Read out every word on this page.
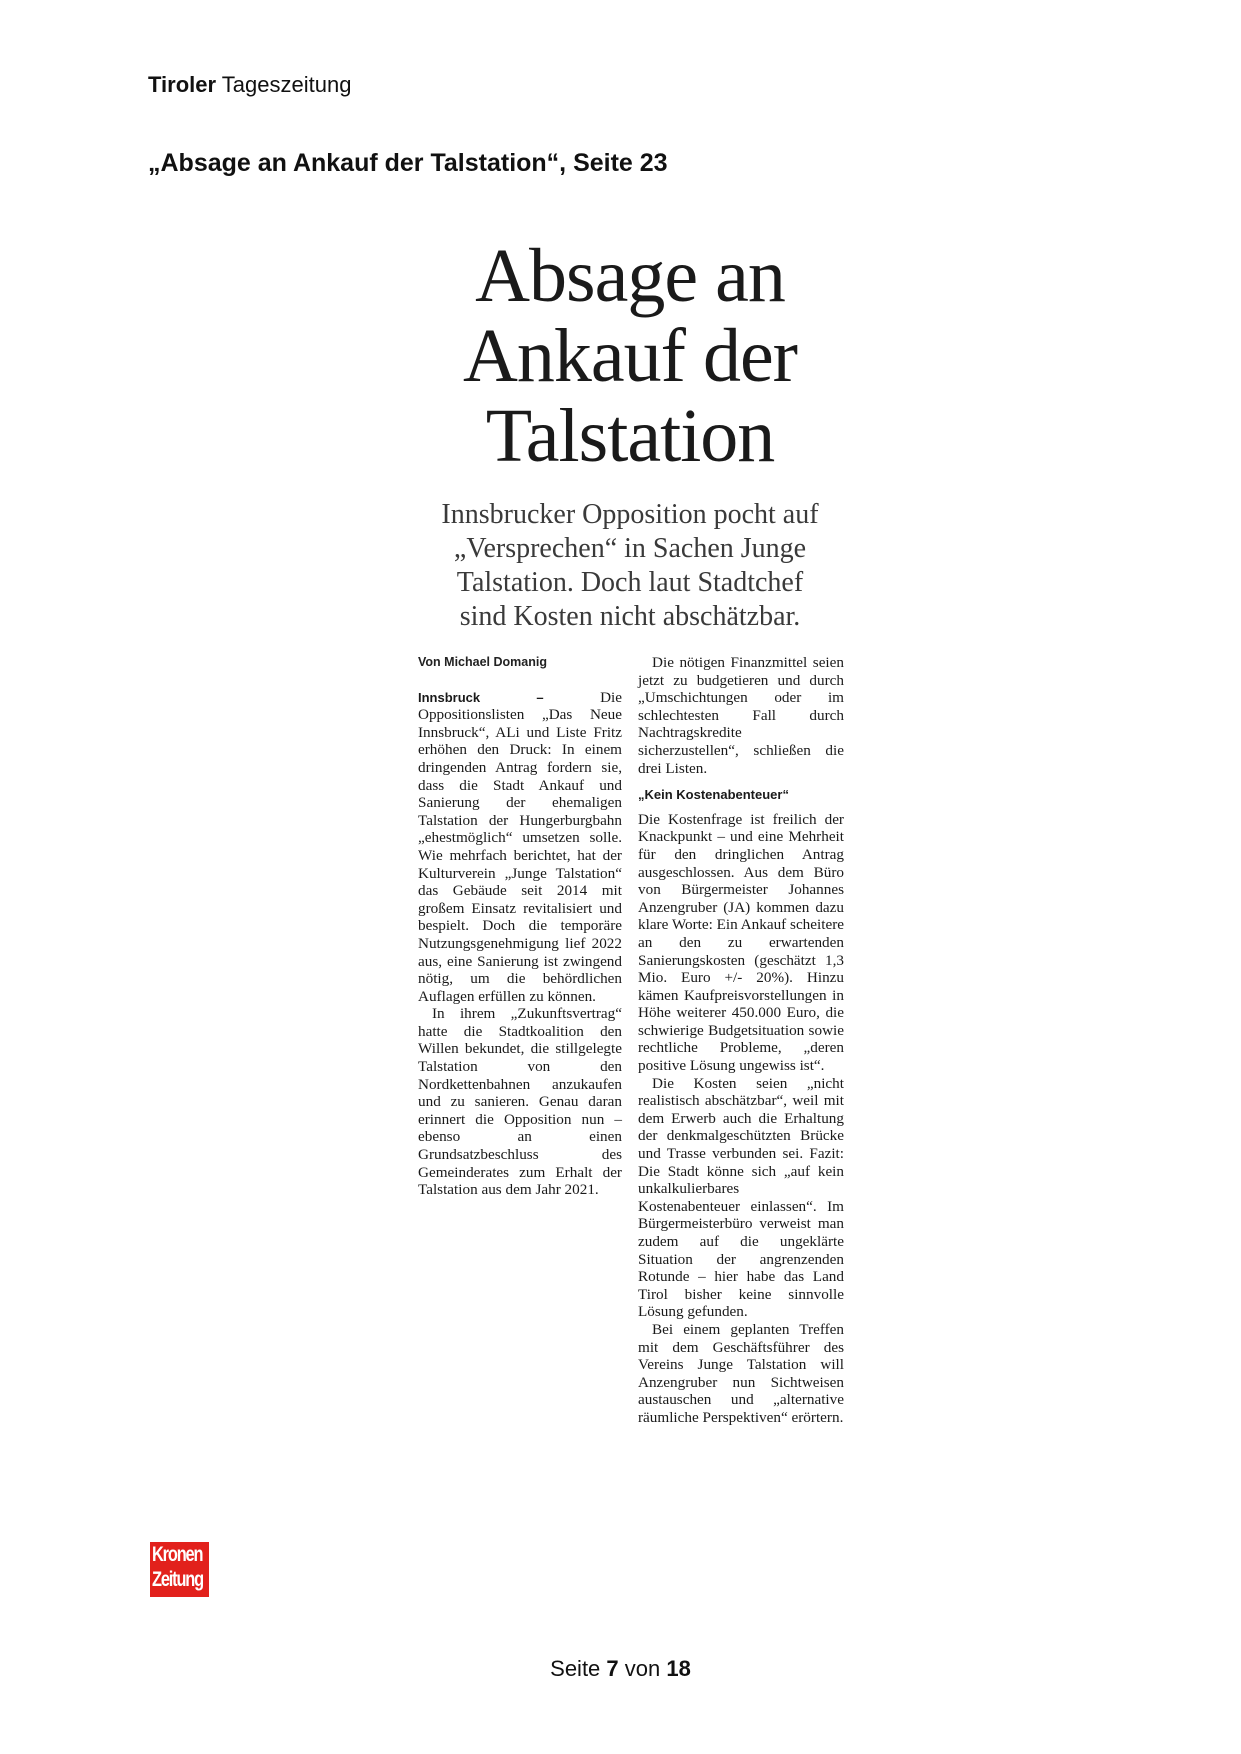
Tiroler Tageszeitung
„Absage an Ankauf der Talstation“, Seite 23
Absage an
Ankauf der
Talstation
Innsbrucker Opposition pocht auf
„Versprechen“ in Sachen Junge
Talstation. Doch laut Stadtchef
sind Kosten nicht abschätzbar.

Von Michael Domanig

Innsbruck – Die Oppositionslisten „Das Neue Innsbruck“, ALi und Liste Fritz erhöhen den Druck: In einem dringenden Antrag fordern sie, dass die Stadt Ankauf und Sanierung der ehemaligen Talstation der Hungerburgbahn „ehestmöglich“ umsetzen solle. Wie mehrfach berichtet, hat der Kulturverein „Junge Talstation“ das Gebäude seit 2014 mit großem Einsatz revitalisiert und bespielt. Doch die temporäre Nutzungsgenehmigung lief 2022 aus, eine Sanierung ist zwingend nötig, um die behördlichen Auflagen erfüllen zu können.

In ihrem „Zukunftsvertrag“ hatte die Stadtkoalition den Willen bekundet, die stillgelegte Talstation von den Nordkettenbahnen anzukaufen und zu sanieren. Genau daran erinnert die Opposition nun – ebenso an einen Grundsatzbeschluss des Gemeinderates zum Erhalt der Talstation aus dem Jahr 2021.

Die nötigen Finanzmittel seien jetzt zu budgetieren und durch „Umschichtungen oder im schlechtesten Fall durch Nachtragskredite sicherzustellen“, schließen die drei Listen.

„Kein Kostenabenteuer“

Die Kostenfrage ist freilich der Knackpunkt – und eine Mehrheit für den dringlichen Antrag ausgeschlossen. Aus dem Büro von Bürgermeister Johannes Anzengruber (JA) kommen dazu klare Worte: Ein Ankauf scheitere an den zu erwartenden Sanierungskosten (geschätzt 1,3 Mio. Euro +/- 20%). Hinzu kämen Kaufpreisvorstellungen in Höhe weiterer 450.000 Euro, die schwierige Budgetsituation sowie rechtliche Probleme, „deren positive Lösung ungewiss ist“.

Die Kosten seien „nicht realistisch abschätzbar“, weil mit dem Erwerb auch die Erhaltung der denkmalgeschützten Brücke und Trasse verbunden sei. Fazit: Die Stadt könne sich „auf kein unkalkulierbares Kostenabenteuer einlassen“. Im Bürgermeisterbüro verweist man zudem auf die ungeklärte Situation der angrenzenden Rotunde – hier habe das Land Tirol bisher keine sinnvolle Lösung gefunden.

Bei einem geplanten Treffen mit dem Geschäftsführer des Vereins Junge Talstation will Anzengruber nun Sichtweisen austauschen und „alternative räumliche Perspektiven“ erörtern.

Kronen
Zeitung
Seite 7 von 18
